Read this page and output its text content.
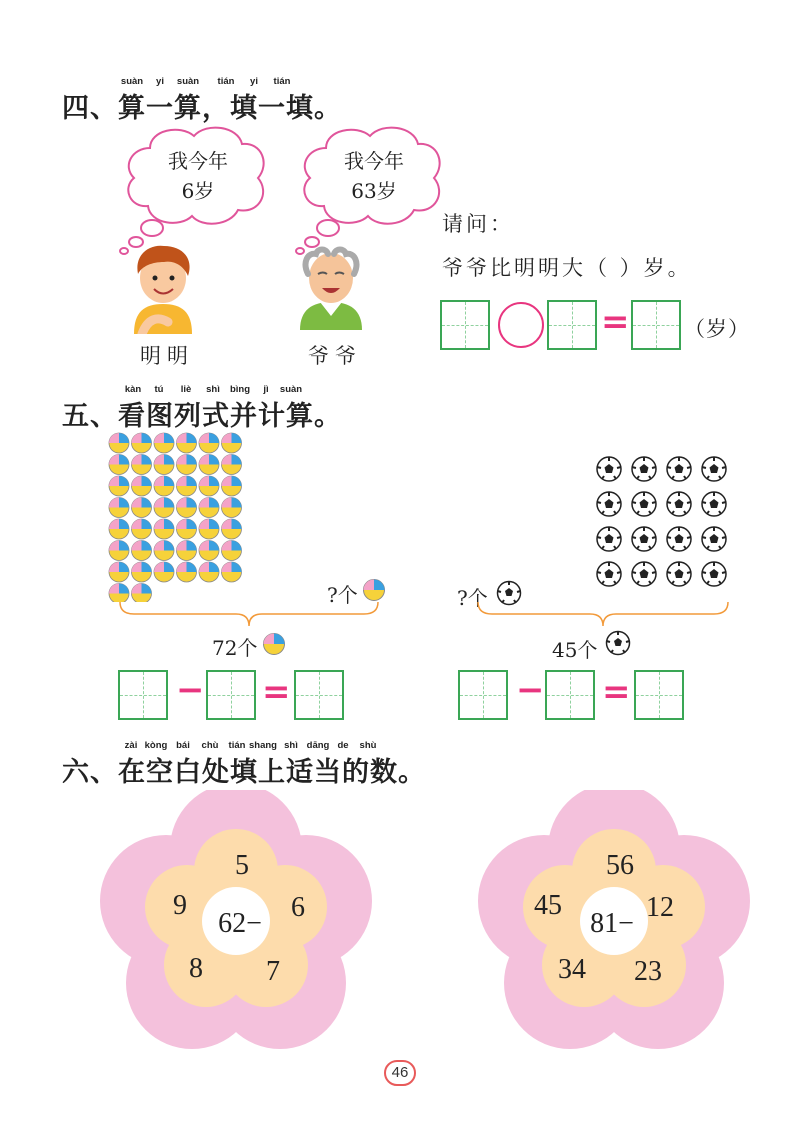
suàn yi suàn tián yi tián
四、算一算，填一填。
我今年
6岁
我今年
63岁
明明	爷爷
请问：
爷爷比明明大（ ）岁。
=	（岁）
kàn tú liè shì bìng jì suàn
五、看图列式并计算。
?个
72个
− =
?个
45个
− =
zài kòng bái chù tián shang shì dāng de shù
六、在空白处填上适当的数。
62−
5
6
7
8
9
81−
56
12
23
34
45
46
